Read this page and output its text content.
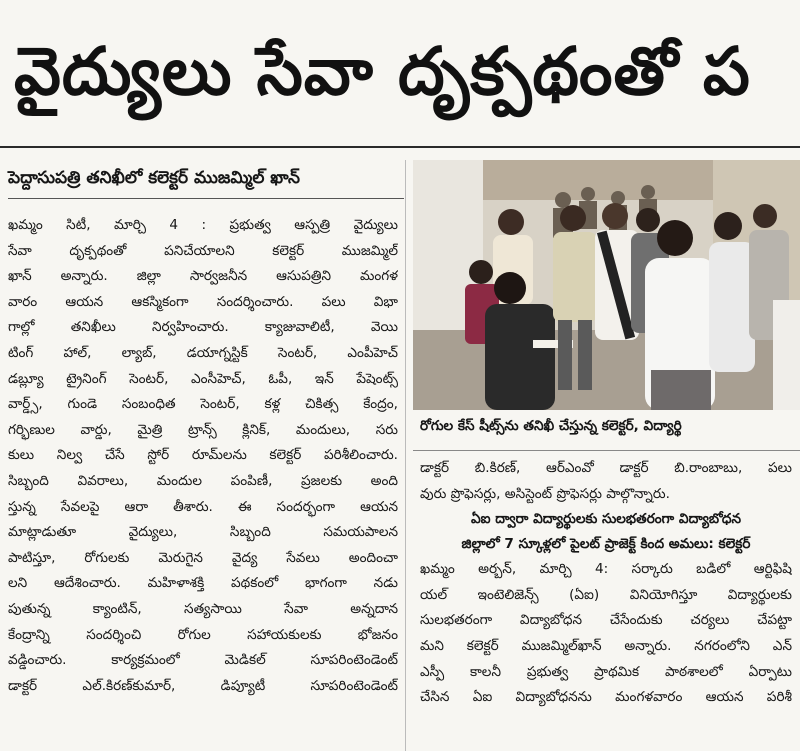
వైద్యులు సేవా దృక్పథంతో ప
పెద్దాసుపత్రి తనిఖీలో కలెక్టర్ ముజమ్మిల్ ఖాన్

ఖమ్మం సిటీ, మార్చి 4 : ప్రభుత్వ ఆస్పత్రి వైద్యులు
సేవా దృక్పథంతో పనిచేయాలని కలెక్టర్ ముజమ్మిల్
ఖాన్ అన్నారు. జిల్లా సార్వజనీన ఆసుపత్రిని మంగళ
వారం ఆయన ఆకస్మికంగా సందర్శించారు. పలు విభా
గాల్లో తనిఖీలు నిర్వహించారు. క్యాజువాలిటీ, వెయి
టింగ్ హాల్, ల్యాబ్, డయాగ్నస్టిక్ సెంటర్, ఎంపీహెచ్
డబ్ల్యూ ట్రైనింగ్ సెంటర్, ఎంసీహెచ్, ఓపీ, ఇన్ పేషెంట్స్
వార్డ్స్, గుండె సంబంధిత సెంటర్, కళ్ల చికిత్స కేంద్రం,
గర్భిణుల వార్డు, మైత్రి ట్రాన్స్ క్లినిక్, మందులు, సరు
కులు నిల్వ చేసే స్టోర్ రూమ్‌లను కలెక్టర్ పరిశీలించారు.
సిబ్బంది వివరాలు, మందుల పంపిణీ, ప్రజలకు అంది
స్తున్న సేవలపై ఆరా తీశారు. ఈ సందర్భంగా ఆయన
మాట్లాడుతూ వైద్యులు, సిబ్బంది సమయపాలన
పాటిస్తూ, రోగులకు మెరుగైన వైద్య సేవలు అందించా
లని ఆదేశించారు. మహిళాశక్తి పథకంలో భాగంగా నడు
పుతున్న క్యాంటిన్, సత్యసాయి సేవా అన్నదాన
కేంద్రాన్ని సందర్శించి రోగుల సహాయకులకు భోజనం
వడ్డించారు. కార్యక్రమంలో మెడికల్ సూపరింటెండెంట్
డాక్టర్ ఎల్.కిరణ్‌కుమార్, డిప్యూటీ సూపరింటెండెంట్

రోగుల కేస్ షీట్స్‌ను తనిఖీ చేస్తున్న కలెక్టర్, విద్యార్థి

డాక్టర్ బి.కిరణ్, ఆర్‌ఎంవో డాక్టర్ బి.రాంబాబు, పలు
వురు ప్రొఫెసర్లు, అసిస్టెంట్ ప్రొఫెసర్లు పాల్గొన్నారు.

ఏఐ ద్వారా విద్యార్థులకు సులభతరంగా విద్యాబోధన
జిల్లాలో 7 స్కూళ్లలో పైలట్ ప్రాజెక్ట్ కింద అమలు: కలెక్టర్

ఖమ్మం అర్బన్, మార్చి 4: సర్కారు బడిలో ఆర్టిఫిషి
యల్ ఇంటెలిజెన్స్ (ఏఐ) వినియోగిస్తూ విద్యార్థులకు
సులభతరంగా విద్యాబోధన చేసేందుకు చర్యలు చేపట్టా
మని కలెక్టర్ ముజమ్మిల్‌ఖాన్ అన్నారు. నగరంలోని ఎన్
ఎస్పీ కాలనీ ప్రభుత్వ ప్రాథమిక పాఠశాలలో ఏర్పాటు
చేసిన ఏఐ విద్యాబోధనను మంగళవారం ఆయన పరిశీ
